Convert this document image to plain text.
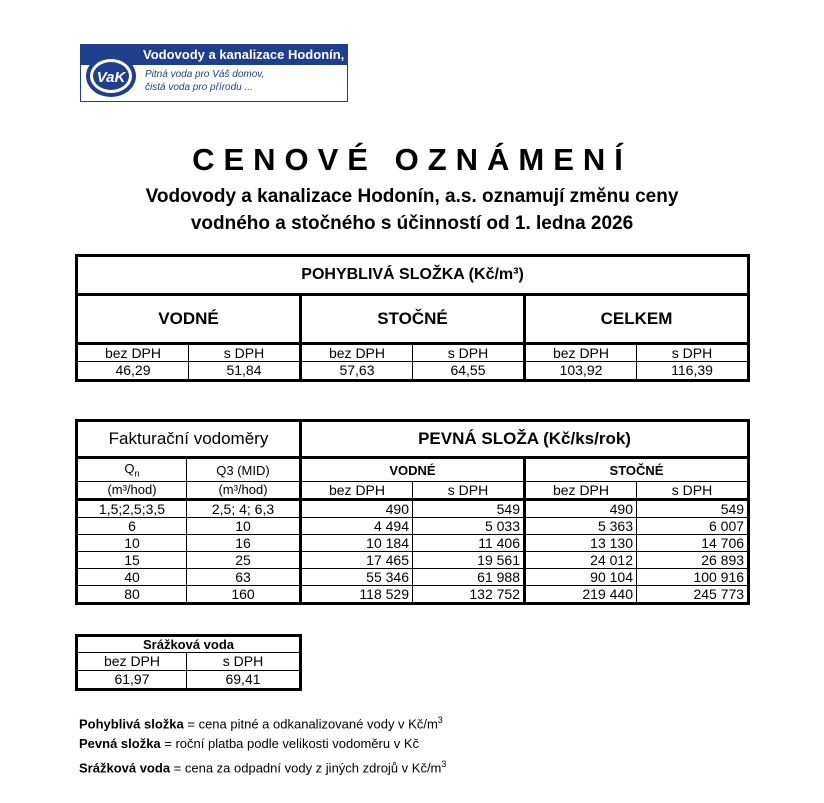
Vodovody a kanalizace Hodonín, a.s.
VaK Pitná voda pro Váš domov,
čistá voda pro přírodu ...
CENOVÉ OZNÁMENÍ
Vodovody a kanalizace Hodonín, a.s. oznamují změnu ceny
vodného a stočného s účinností od 1. ledna 2026
POHYBLIVÁ SLOŽKA (Kč/m³)					
VODNÉ		STOČNÉ		CELKEM	
bez DPH	s DPH	bez DPH	s DPH	bez DPH	s DPH
46,29	51,84	57,63	64,55	103,92	116,39
Fakturační vodoměry		PEVNÁ SLOŽA (Kč/ks/rok)			
$Q_n$	Q3 (MID)	VODNÉ		STOČNÉ	
(m³/hod)	(m³/hod)	bez DPH	s DPH	bez DPH	s DPH
1,5;2,5;3,5	2,5; 4; 6,3	490	549	490	549
6	10	4 494	5 033	5 363	6 007
10	16	10 184	11 406	13 130	14 706
15	25	17 465	19 561	24 012	26 893
40	63	55 346	61 988	90 104	100 916
80	160	118 529	132 752	219 440	245 773
Srážková voda	
bez DPH	s DPH
61,97	69,41
Pohyblivá složka = cena pitné a odkanalizované vody v $Kč/m^3$
Pevná složka = roční platba podle velikosti vodoměru v Kč
Srážková voda = cena za odpadní vody z jiných zdrojů v $Kč/m^3$
